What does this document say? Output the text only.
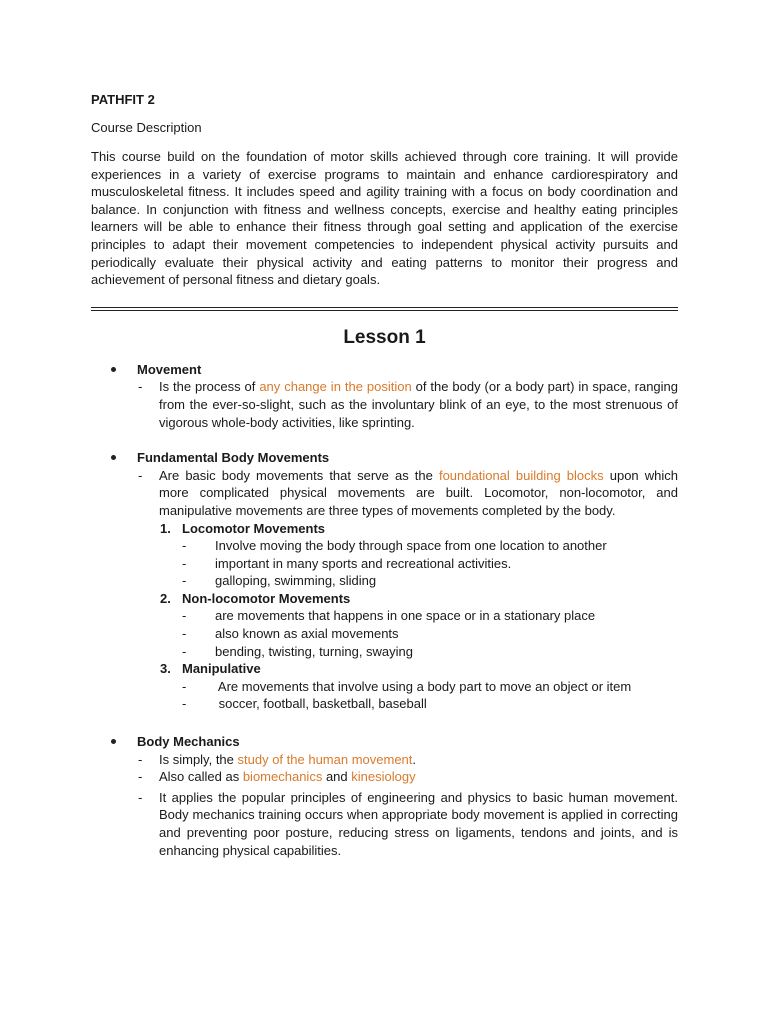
PATHFIT 2

Course Description
This course build on the foundation of motor skills achieved through core training. It will provide experiences in a variety of exercise programs to maintain and enhance cardiorespiratory and musculoskeletal fitness. It includes speed and agility training with a focus on body coordination and balance. In conjunction with fitness and wellness concepts, exercise and healthy eating principles learners will be able to enhance their fitness through goal setting and application of the exercise principles to adapt their movement competencies to independent physical activity pursuits and periodically evaluate their physical activity and eating patterns to monitor their progress and achievement of personal fitness and dietary goals.
Lesson 1
Movement
- Is the process of any change in the position of the body (or a body part) in space, ranging from the ever-so-slight, such as the involuntary blink of an eye, to the most strenuous of vigorous whole-body activities, like sprinting.
Fundamental Body Movements
- Are basic body movements that serve as the foundational building blocks upon which more complicated physical movements are built. Locomotor, non-locomotor, and manipulative movements are three types of movements completed by the body.
1. Locomotor Movements
- Involve moving the body through space from one location to another
- important in many sports and recreational activities.
- galloping, swimming, sliding
2. Non-locomotor Movements
- are movements that happens in one space or in a stationary place
- also known as axial movements
- bending, twisting, turning, swaying
3. Manipulative
- Are movements that involve using a body part to move an object or item
- soccer, football, basketball, baseball
Body Mechanics
- Is simply, the study of the human movement.
- Also called as biomechanics and kinesiology
- It applies the popular principles of engineering and physics to basic human movement. Body mechanics training occurs when appropriate body movement is applied in correcting and preventing poor posture, reducing stress on ligaments, tendons and joints, and is enhancing physical capabilities.
